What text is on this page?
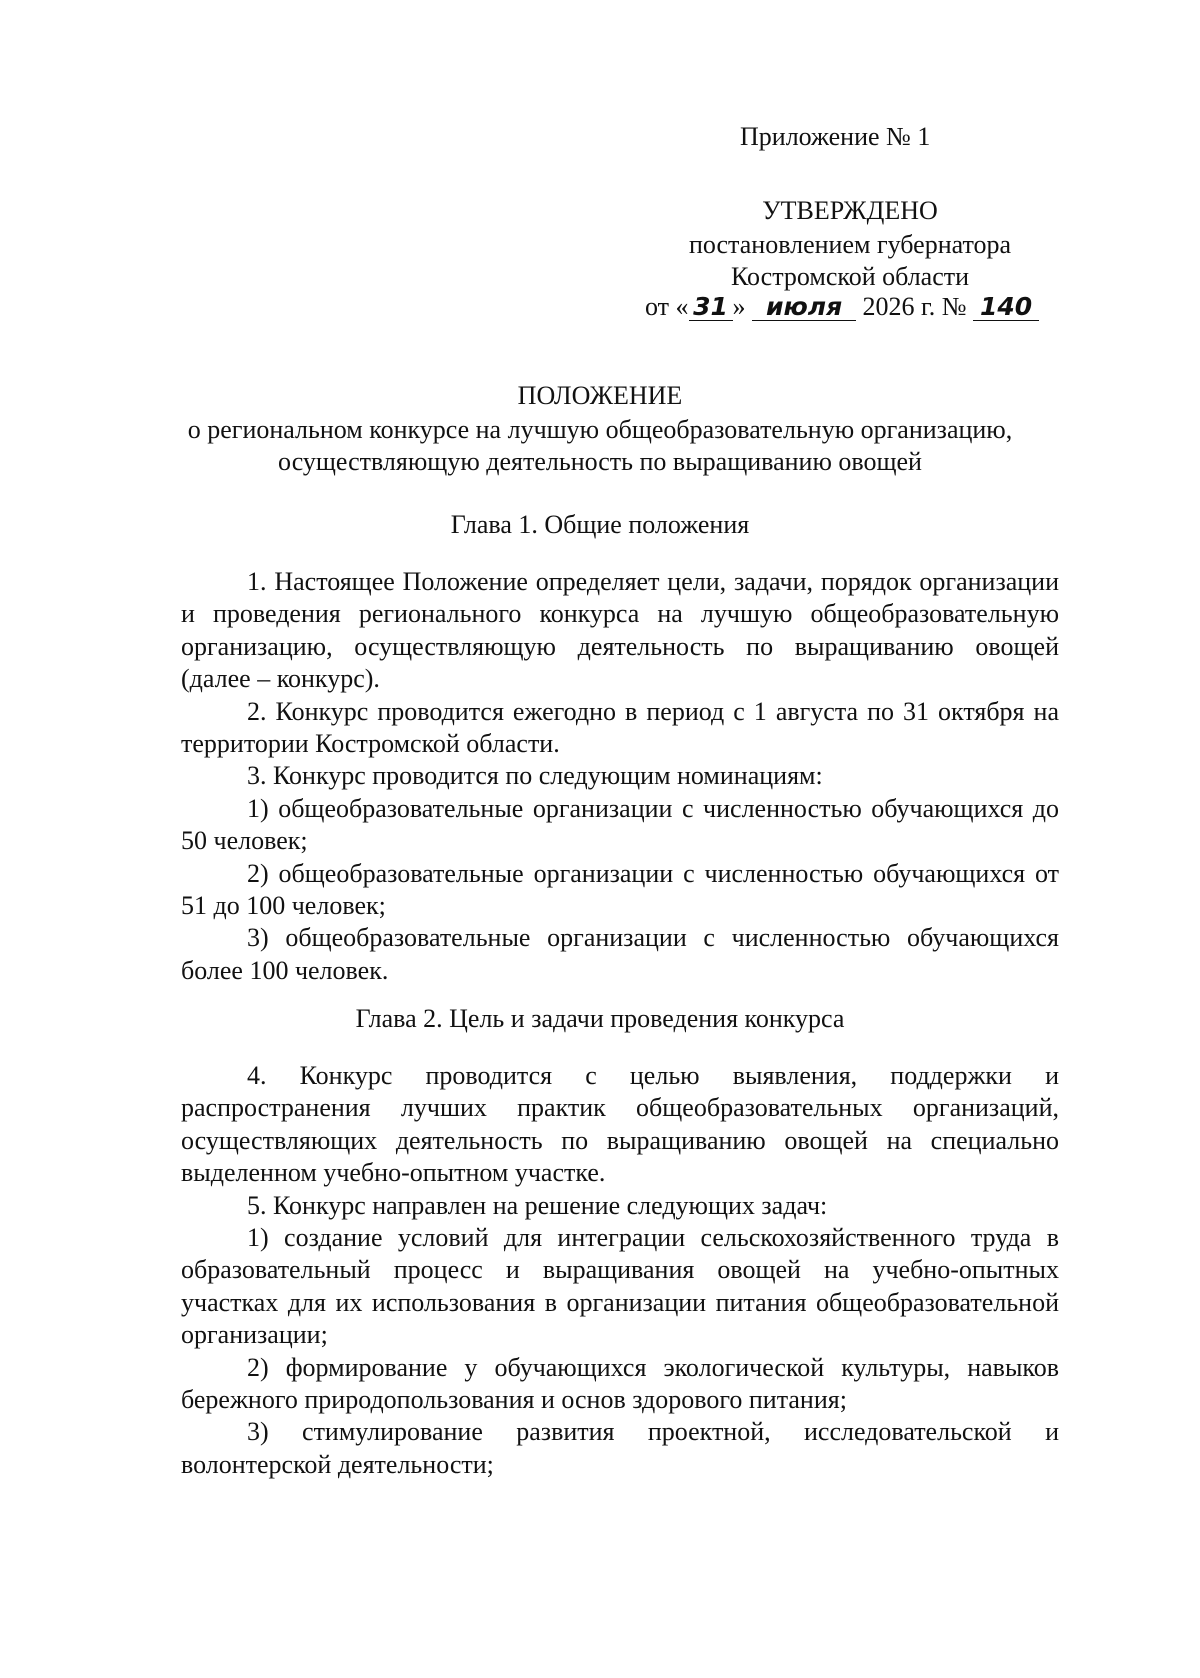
Приложение № 1
УТВЕРЖДЕНО
постановлением губернатора
Костромской области
от « 31 » июля 2026 г. № 140
ПОЛОЖЕНИЕ
о региональном конкурсе на лучшую общеобразовательную организацию,
осуществляющую деятельность по выращиванию овощей
Глава 1. Общие положения

1. Настоящее Положение определяет цели, задачи, порядок организации и проведения регионального конкурса на лучшую общеобразовательную организацию, осуществляющую деятельность по выращиванию овощей (далее – конкурс).

2. Конкурс проводится ежегодно в период с 1 августа по 31 октября на территории Костромской области.

3. Конкурс проводится по следующим номинациям:

1) общеобразовательные организации с численностью обучающихся до 50 человек;

2) общеобразовательные организации с численностью обучающихся от 51 до 100 человек;

3) общеобразовательные организации с численностью обучающихся более 100 человек.

Глава 2. Цель и задачи проведения конкурса

4. Конкурс проводится с целью выявления, поддержки и распространения лучших практик общеобразовательных организаций, осуществляющих деятельность по выращиванию овощей на специально выделенном учебно-опытном участке.

5. Конкурс направлен на решение следующих задач:

1) создание условий для интеграции сельскохозяйственного труда в образовательный процесс и выращивания овощей на учебно-опытных участках для их использования в организации питания общеобразовательной организации;

2) формирование у обучающихся экологической культуры, навыков бережного природопользования и основ здорового питания;

3) стимулирование развития проектной, исследовательской и волонтерской деятельности;
